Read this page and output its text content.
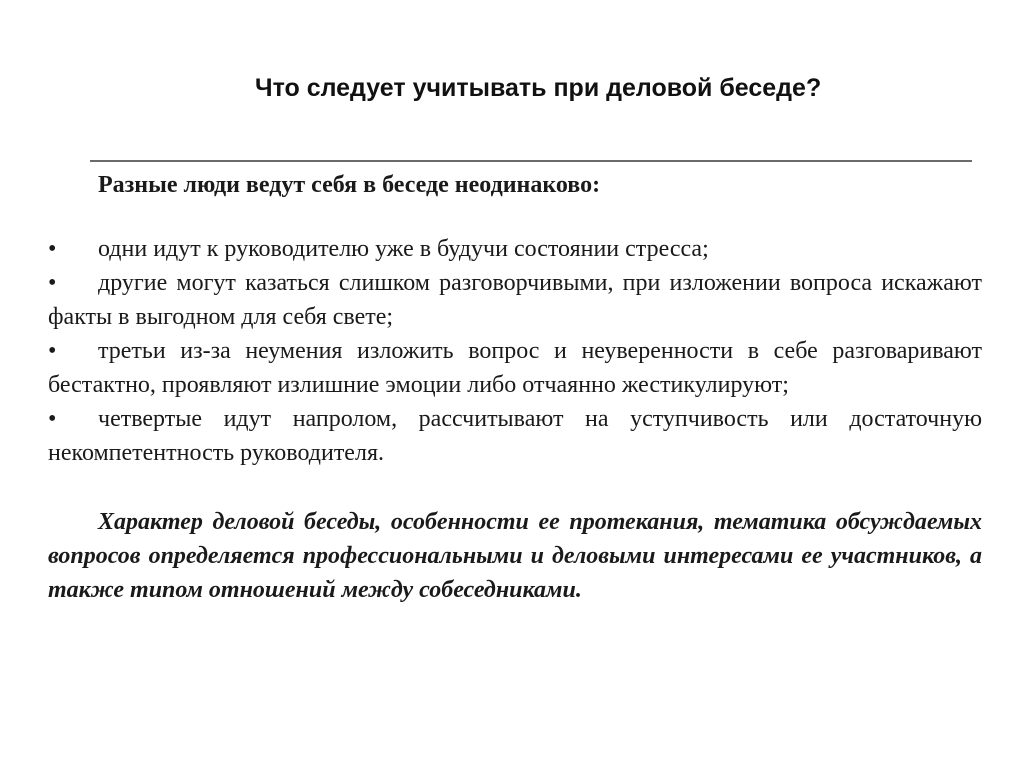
Что следует учитывать при деловой беседе?

Разные люди ведут себя в беседе неодинаково:

• одни идут к руководителю уже в будучи состоянии стресса;
• другие могут казаться слишком разговорчивыми, при изложении вопроса искажают факты в выгодном для себя свете;
• третьи из-за неумения изложить вопрос и неуверенности в себе разговаривают бестактно, проявляют излишние эмоции либо отчаянно жестикулируют;
• четвертые идут напролом, рассчитывают на уступчивость или достаточную некомпетентность руководителя.

Характер деловой беседы, особенности ее протекания, тематика обсуждаемых вопросов определяется профессиональными и деловыми интересами ее участников, а также типом отношений между собеседниками.
